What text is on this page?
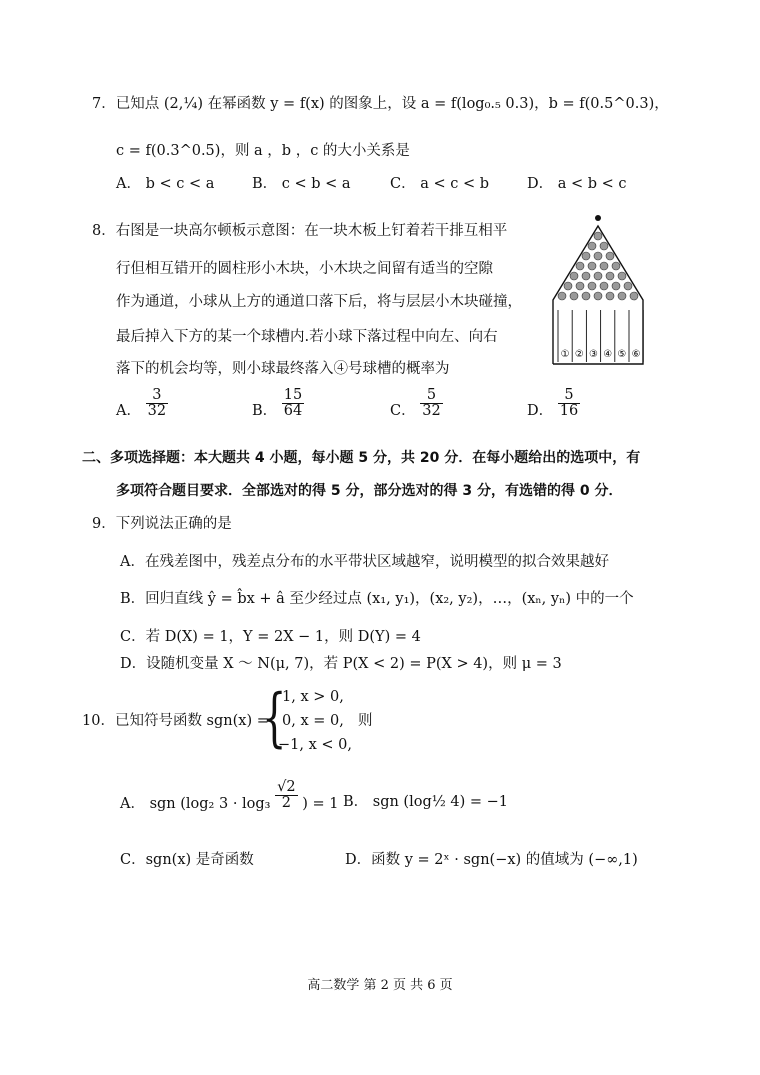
7．已知点 (2,¼) 在幂函数 y = f(x) 的图象上，设 a = f(log₀.₅ 0.3)，b = f(0.5^0.3)，
c = f(0.3^0.5)，则 a ，b ，c 的大小关系是
A． b < c < a	B． c < b < a	C． a < c < b	D． a < b < c
8．右图是一块高尔顿板示意图：在一块木板上钉着若干排互相平
行但相互错开的圆柱形小木块，小木块之间留有适当的空隙
作为通道，小球从上方的通道口落下后，将与层层小木块碰撞，
最后掉入下方的某一个球槽内.若小球下落过程中向左、向右
落下的机会均等，则小球最终落入④号球槽的概率为
① ② ③ ④ ⑤ ⑥
A． $\frac{3}{32}$	B． $\frac{15}{64}$	C． $\frac{5}{32}$	D． $\frac{5}{16}$
二、多项选择题：本大题共 4 小题，每小题 5 分，共 20 分．在每小题给出的选项中，有
多项符合题目要求．全部选对的得 5 分，部分选对的得 3 分，有选错的得 0 分．
9．下列说法正确的是
A．在残差图中，残差点分布的水平带状区域越窄，说明模型的拟合效果越好
B．回归直线 ŷ = b̂x + â 至少经过点 (x₁, y₁)，(x₂, y₂)，…，(xₙ, yₙ) 中的一个
C．若 D(X) = 1，Y = 2X − 1，则 D(Y) = 4
D．设随机变量 X ～ N(μ, 7)，若 P(X < 2) = P(X > 4)，则 μ = 3
10．已知符号函数 sgn(x) =
{
1, x > 0,
0, x = 0,
−1, x < 0,
则
A． sgn (log₂ $3 \cdot \log_3 \frac{√2}{2}$ ) = 1 B． sgn (log½ 4) = −1
C．sgn(x) 是奇函数	D．函数 y = 2ˣ · sgn(−x) 的值域为 (−∞,1)
高二数学 第 2 页 共 6 页
